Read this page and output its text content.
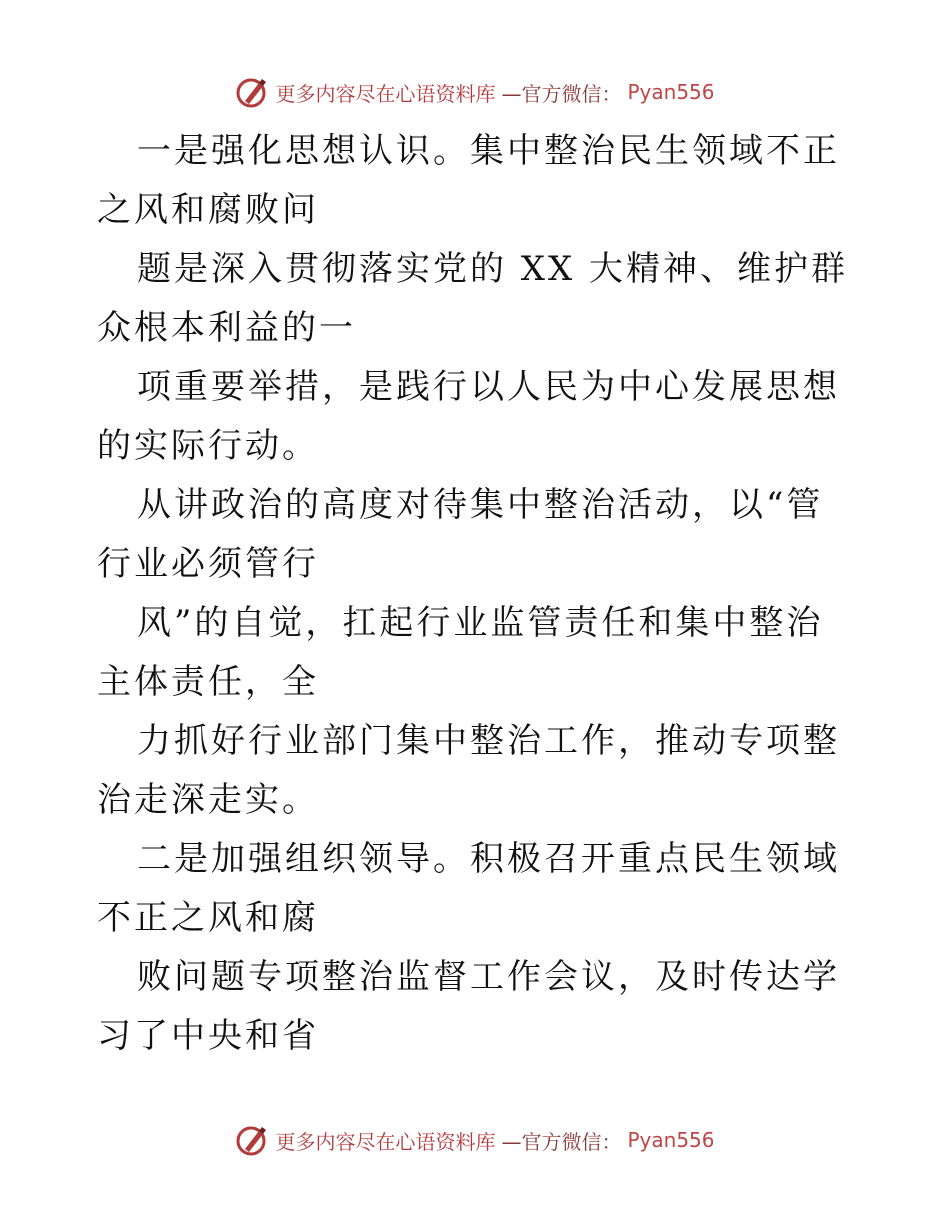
更多内容尽在心语资料库 —官方微信： Pyan556

一是强化思想认识。集中整治民生领域不正之风和腐败问

题是深入贯彻落实党的 XX 大精神、维护群众根本利益的一

项重要举措，是践行以人民为中心发展思想的实际行动。

从讲政治的高度对待集中整治活动，以“管行业必须管行

风”的自觉，扛起行业监管责任和集中整治主体责任，全

力抓好行业部门集中整治工作，推动专项整治走深走实。

二是加强组织领导。积极召开重点民生领域不正之风和腐

败问题专项整治监督工作会议，及时传达学习了中央和省

更多内容尽在心语资料库 —官方微信： Pyan556
